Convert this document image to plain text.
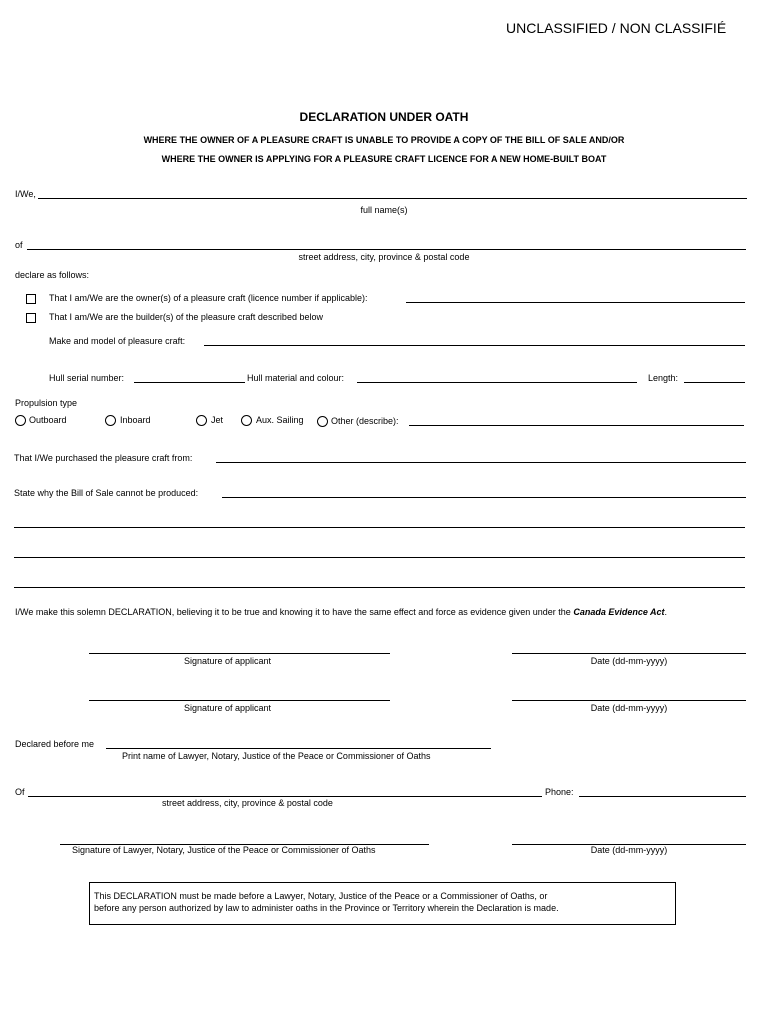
UNCLASSIFIED / NON CLASSIFIÉ
DECLARATION UNDER OATH
WHERE THE OWNER OF A PLEASURE CRAFT IS UNABLE TO PROVIDE A COPY OF THE BILL OF SALE AND/OR
WHERE THE OWNER IS APPLYING FOR A PLEASURE CRAFT LICENCE FOR A NEW HOME-BUILT BOAT
I/We,
full name(s)
of
street address, city, province & postal code
declare as follows:
That I am/We are the owner(s) of a pleasure craft (licence number if applicable):
That I am/We are the builder(s) of the pleasure craft described below
Make and model of pleasure craft:
Hull serial number:	Hull material and colour:	Length:
Propulsion type
Outboard	Inboard	Jet	Aux. Sailing	Other (describe):
That I/We purchased the pleasure craft from:
State why the Bill of Sale cannot be produced:
I/We make this solemn DECLARATION, believing it to be true and knowing it to have the same effect and force as evidence given under the Canada Evidence Act.
Signature of applicant	Date (dd-mm-yyyy)
Signature of applicant	Date (dd-mm-yyyy)
Declared before me
Print name of Lawyer, Notary, Justice of the Peace or Commissioner of Oaths
Of
street address, city, province & postal code
Phone:
Signature of Lawyer, Notary, Justice of the Peace or Commissioner of Oaths	Date (dd-mm-yyyy)
This DECLARATION must be made before a Lawyer, Notary, Justice of the Peace or a Commissioner of Oaths, or
before any person authorized by law to administer oaths in the Province or Territory wherein the Declaration is made.
